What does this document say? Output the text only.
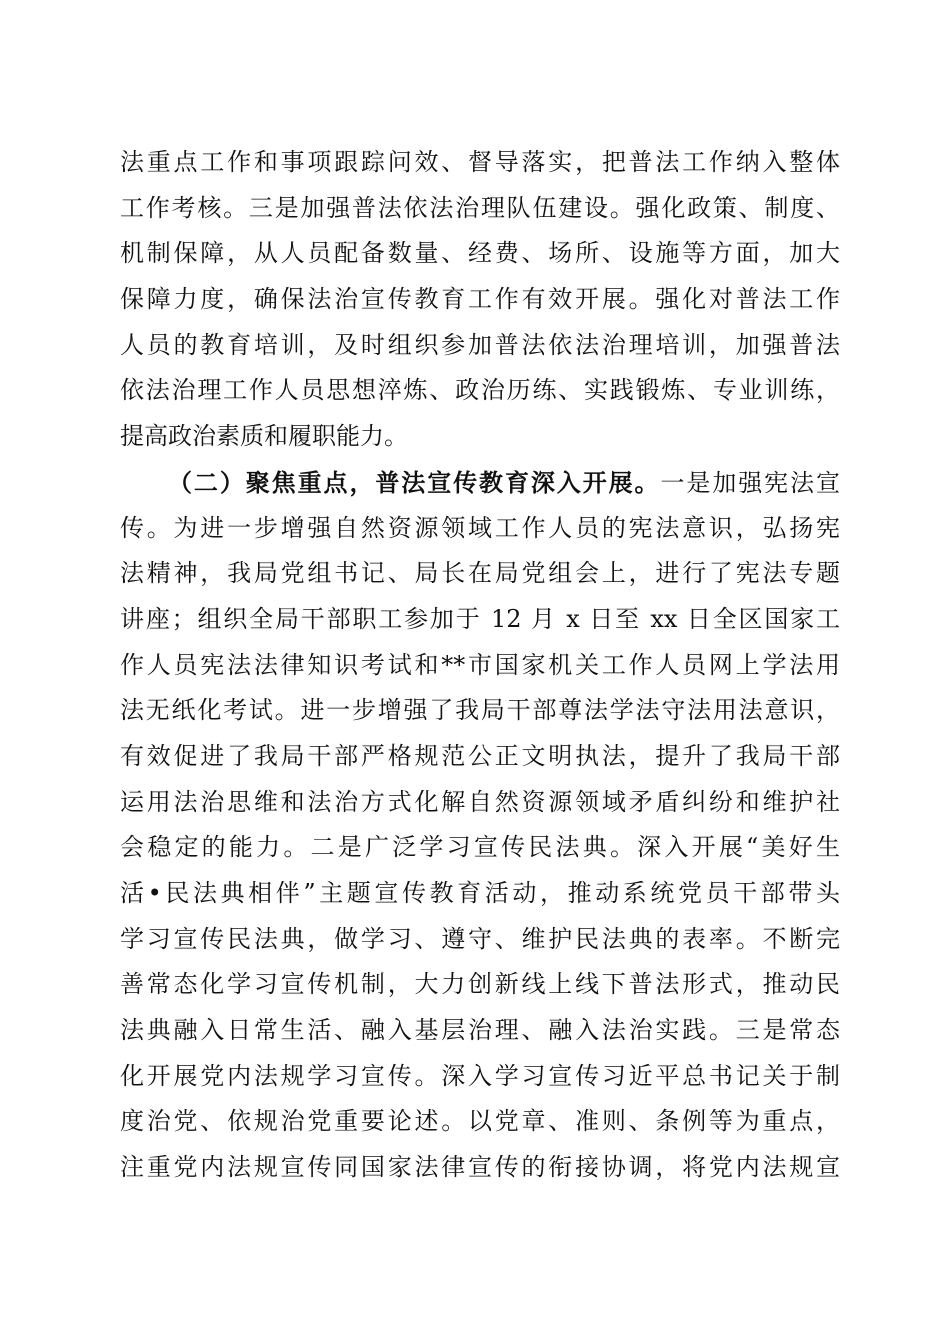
法重点工作和事项跟踪问效、督导落实，把普法工作纳入整体
工作考核。三是加强普法依法治理队伍建设。强化政策、制度、
机制保障，从人员配备数量、经费、场所、设施等方面，加大
保障力度，确保法治宣传教育工作有效开展。强化对普法工作
人员的教育培训，及时组织参加普法依法治理培训，加强普法
依法治理工作人员思想淬炼、政治历练、实践锻炼、专业训练，
提高政治素质和履职能力。
（二）聚焦重点，普法宣传教育深入开展。一是加强宪法宣
传。为进一步增强自然资源领域工作人员的宪法意识，弘扬宪
法精神，我局党组书记、局长在局党组会上，进行了宪法专题
讲座；组织全局干部职工参加于 12 月 x 日至 xx 日全区国家工
作人员宪法法律知识考试和**市国家机关工作人员网上学法用
法无纸化考试。进一步增强了我局干部尊法学法守法用法意识，
有效促进了我局干部严格规范公正文明执法，提升了我局干部
运用法治思维和法治方式化解自然资源领域矛盾纠纷和维护社
会稳定的能力。二是广泛学习宣传民法典。深入开展“美好生
活•民法典相伴”主题宣传教育活动，推动系统党员干部带头
学习宣传民法典，做学习、遵守、维护民法典的表率。不断完
善常态化学习宣传机制，大力创新线上线下普法形式，推动民
法典融入日常生活、融入基层治理、融入法治实践。三是常态
化开展党内法规学习宣传。深入学习宣传习近平总书记关于制
度治党、依规治党重要论述。以党章、准则、条例等为重点，
注重党内法规宣传同国家法律宣传的衔接协调，将党内法规宣
